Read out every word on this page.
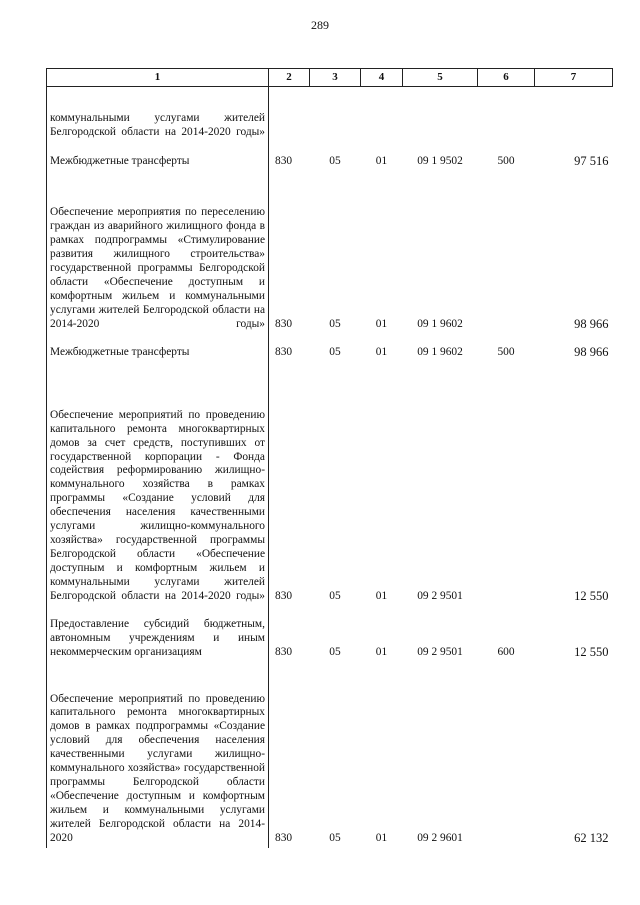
289
1	2	3	4	5	6	7
коммунальными услугами жителей Белгородской области на 2014-2020 годы»						
Межбюджетные трансферты	830	05	01	09 1 9502	500	97 516
Обеспечение мероприятия по переселению граждан из аварийного жилищного фонда в рамках подпрограммы «Стимулирование развития жилищного строительства» государственной программы Белгородской области «Обеспечение доступным и комфортным жильем и коммунальными услугами жителей Белгородской области на 2014-2020 годы»	830	05	01	09 1 9602		98 966
Межбюджетные трансферты	830	05	01	09 1 9602	500	98 966
Обеспечение мероприятий по проведению капитального ремонта многоквартирных домов за счет средств, поступивших от государственной корпорации - Фонда содействия реформированию жилищно-коммунального хозяйства в рамках программы «Создание условий для обеспечения населения качественными услугами жилищно-коммунального хозяйства» государственной программы Белгородской области «Обеспечение доступным и комфортным жильем и коммунальными услугами жителей Белгородской области на 2014-2020 годы»	830	05	01	09 2 9501		12 550
Предоставление субсидий бюджетным, автономным учреждениям и иным некоммерческим организациям	830	05	01	09 2 9501	600	12 550
Обеспечение мероприятий по проведению капитального ремонта многоквартирных домов в рамках подпрограммы «Создание условий для обеспечения населения качественными услугами жилищно-коммунального хозяйства» государственной программы Белгородской области «Обеспечение доступным и комфортным жильем и коммунальными услугами жителей Белгородской области на 2014-2020	830	05	01	09 2 9601		62 132
